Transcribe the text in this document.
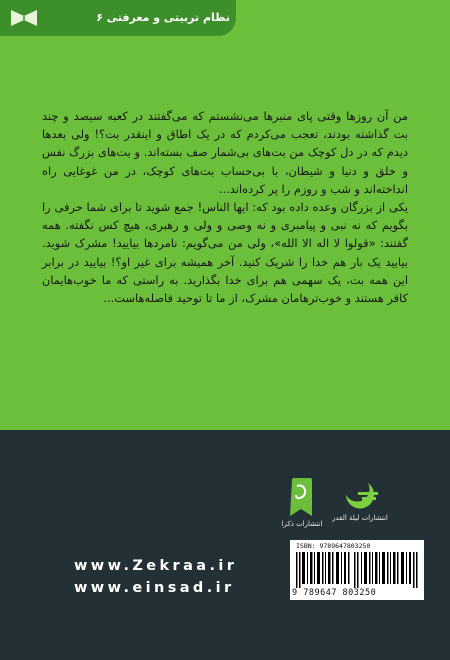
نظام تربیتی و معرفتی ۶

من آن روزها وقتی پای منبرها می‌نشستم که می‌گفتند در کعبه سیصد و چند بت گذاشته بودند، تعجب می‌کردم که در یک اطاق و اینقدر بت؟! ولی بعدها دیدم که در دل کوچک من بت‌های بی‌شمار صف بسته‌اند. و بت‌های بزرگ نفس و خلق و دنیا و شیطان، با بی‌حساب بت‌های کوچک، در من غوغایی راه انداخته‌اند و شب و روزم را پر کرده‌اند...

یکی از بزرگان وعده داده بود که: ایها الناس! جمع شوید تا برای شما حرفی را بگویم که نه نبی و پیامبری و نه وصی و ولی و رهبری، هیچ کس نگفته. همه گفتند: «قولوا لا اله الا الله»، ولی من می‌گویم: نامردها بیایید! مشرک شوید. بیایید یک بار هم خدا را شریک کنید. آخر همیشه برای غیر او؟! بیایید در برابر این همه بت، یک سهمی هم برای خدا بگذارید. به راستی که ما خوب‌هایمان کافر هستند و خوب‌ترهامان مشرک، از ما تا توحید فاصله‌هاست...

انتشارات لیلة القدر
انتشارات ذکرا
www.Zekraa.ir
www.einsad.ir
ISBN: 9789647803250
9 789647 803250
